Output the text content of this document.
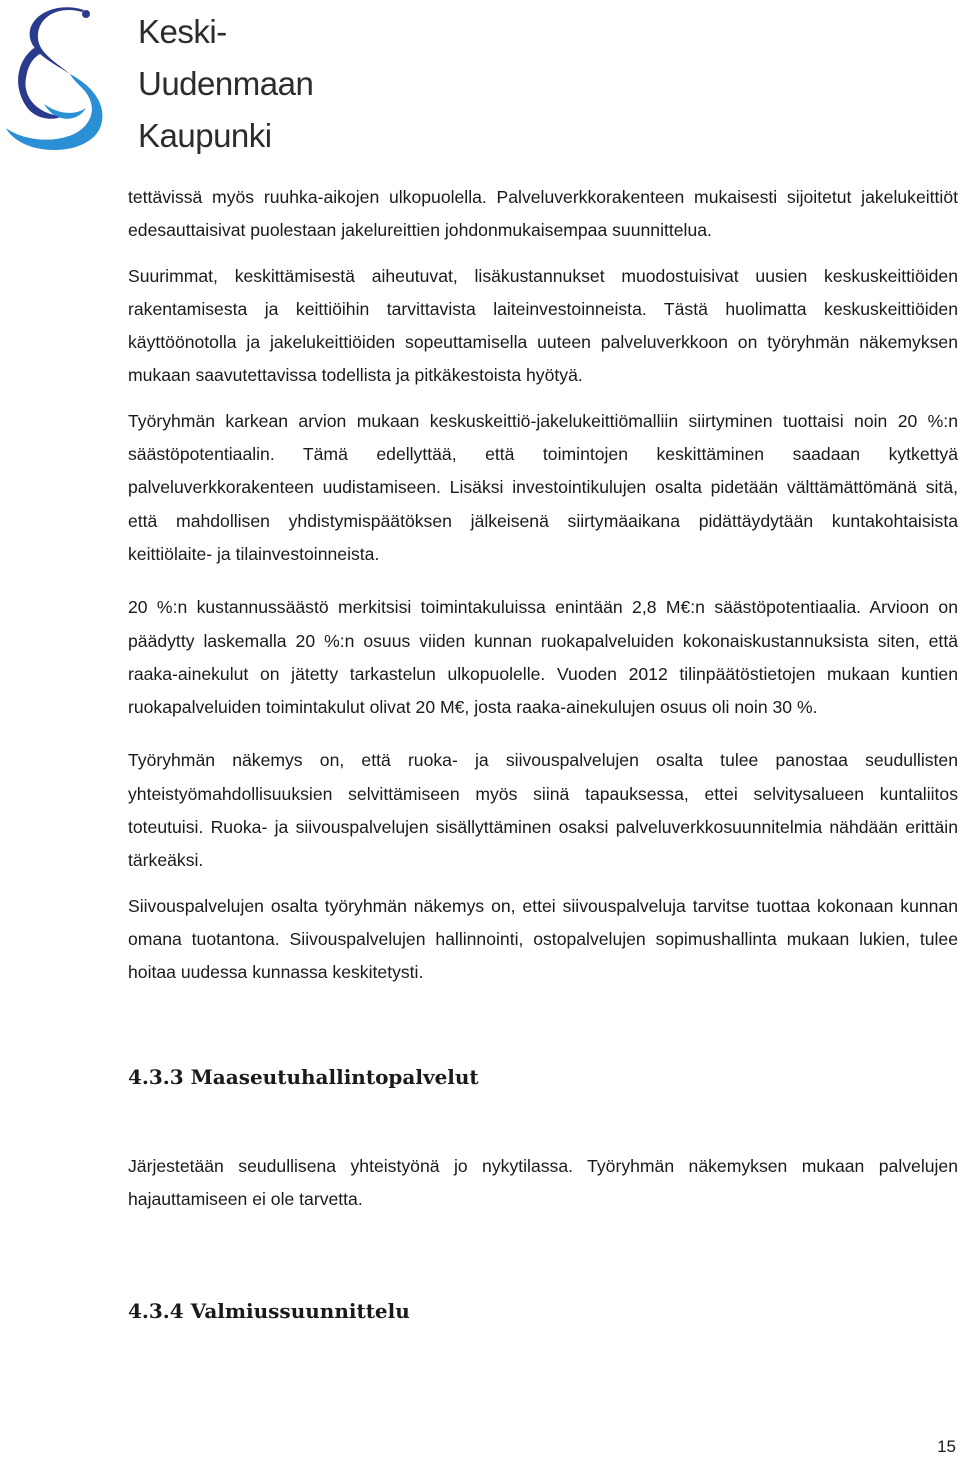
Keski-
Uudenmaan
Kaupunki

tettävissä myös ruuhka-aikojen ulkopuolella. Palveluverkkorakenteen mukaisesti sijoitetut jakelukeittiöt edesauttaisivat puolestaan jakelureittien johdonmukaisempaa suunnittelua.

Suurimmat, keskittämisestä aiheutuvat, lisäkustannukset muodostuisivat uusien keskuskeittiöiden rakentamisesta ja keittiöihin tarvittavista laiteinvestoinneista. Tästä huolimatta keskuskeittiöiden käyttöönotolla ja jakelukeittiöiden sopeuttamisella uuteen palveluverkkoon on työryhmän näkemyksen mukaan saavutettavissa todellista ja pitkäkestoista hyötyä.

Työryhmän karkean arvion mukaan keskuskeittiö-jakelukeittiömalliin siirtyminen tuottaisi noin 20 %:n säästöpotentiaalin. Tämä edellyttää, että toimintojen keskittäminen saadaan kytkettyä palveluverkkorakenteen uudistamiseen. Lisäksi investointikulujen osalta pidetään välttämättömänä sitä, että mahdollisen yhdistymispäätöksen jälkeisenä siirtymäaikana pidättäydytään kuntakohtaisista keittiölaite- ja tilainvestoinneista.

20 %:n kustannussäästö merkitsisi toimintakuluissa enintään 2,8 M€:n säästöpotentiaalia. Arvioon on päädytty laskemalla 20 %:n osuus viiden kunnan ruokapalveluiden kokonaiskustannuksista siten, että raaka-ainekulut on jätetty tarkastelun ulkopuolelle. Vuoden 2012 tilinpäätöstietojen mukaan kuntien ruokapalveluiden toimintakulut olivat 20 M€, josta raaka-ainekulujen osuus oli noin 30 %.

Työryhmän näkemys on, että ruoka- ja siivouspalvelujen osalta tulee panostaa seudullisten yhteistyömahdollisuuksien selvittämiseen myös siinä tapauksessa, ettei selvitysalueen kuntaliitos toteutuisi. Ruoka- ja siivouspalvelujen sisällyttäminen osaksi palveluverkkosuunnitelmia nähdään erittäin tärkeäksi.

Siivouspalvelujen osalta työryhmän näkemys on, ettei siivouspalveluja tarvitse tuottaa kokonaan kunnan omana tuotantona. Siivouspalvelujen hallinnointi, ostopalvelujen sopimushallinta mukaan lukien, tulee hoitaa uudessa kunnassa keskitetysti.

4.3.3 Maaseutuhallintopalvelut

Järjestetään seudullisena yhteistyönä jo nykytilassa. Työryhmän näkemyksen mukaan palvelujen hajauttamiseen ei ole tarvetta.

4.3.4 Valmiussuunnittelu
15
